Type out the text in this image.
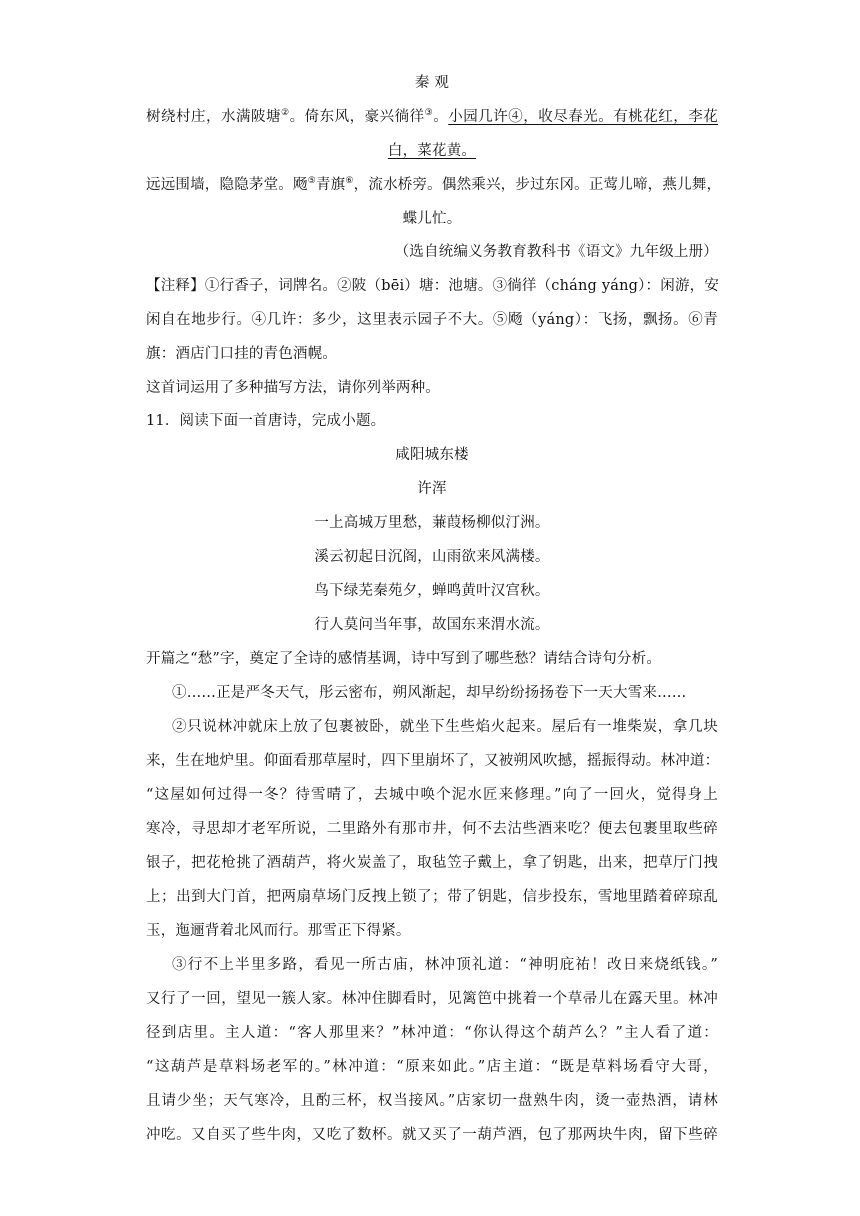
秦 观
树绕村庄，水满陂塘②。倚东风，豪兴徜徉③。小园几许④，收尽春光。有桃花红，李花
白，菜花黄。
远远围墙，隐隐茅堂。飏⑤青旗⑥，流水桥旁。偶然乘兴，步过东冈。正莺儿啼，燕儿舞，
蝶儿忙。
（选自统编义务教育教科书《语文》九年级上册）
【注释】①行香子，词牌名。②陂（bēi）塘：池塘。③徜徉（cháng yáng）：闲游，安
闲自在地步行。④几许：多少，这里表示园子不大。⑤飏（yáng）：飞扬，飘扬。⑥青
旗：酒店门口挂的青色酒幌。
这首词运用了多种描写方法，请你列举两种。
11．阅读下面一首唐诗，完成小题。
咸阳城东楼
许浑
一上高城万里愁，蒹葭杨柳似汀洲。
溪云初起日沉阁，山雨欲来风满楼。
鸟下绿芜秦苑夕，蝉鸣黄叶汉宫秋。
行人莫问当年事，故国东来渭水流。
开篇之“愁”字，奠定了全诗的感情基调，诗中写到了哪些愁？请结合诗句分析。
①……正是严冬天气，彤云密布，朔风渐起，却早纷纷扬扬卷下一天大雪来……
②只说林冲就床上放了包裹被卧，就坐下生些焰火起来。屋后有一堆柴炭，拿几块
来，生在地炉里。仰面看那草屋时，四下里崩坏了，又被朔风吹撼，摇振得动。林冲道：
“这屋如何过得一冬？待雪晴了，去城中唤个泥水匠来修理。”向了一回火，觉得身上
寒冷，寻思却才老军所说，二里路外有那市井，何不去沽些酒来吃？便去包裹里取些碎
银子，把花枪挑了酒葫芦，将火炭盖了，取毡笠子戴上，拿了钥匙，出来，把草厅门拽
上；出到大门首，把两扇草场门反拽上锁了；带了钥匙，信步投东，雪地里踏着碎琼乱
玉，迤逦背着北风而行。那雪正下得紧。
③行不上半里多路，看见一所古庙，林冲顶礼道：“神明庇祐！改日来烧纸钱。”
又行了一回，望见一簇人家。林冲住脚看时，见篱笆中挑着一个草帚儿在露天里。林冲
径到店里。主人道：“客人那里来？”林冲道：“你认得这个葫芦么？”主人看了道：
“这葫芦是草料场老军的。”林冲道：“原来如此。”店主道：“既是草料场看守大哥，
且请少坐；天气寒冷，且酌三杯，权当接风。”店家切一盘熟牛肉，烫一壶热酒，请林
冲吃。又自买了些牛肉，又吃了数杯。就又买了一葫芦酒，包了那两块牛肉，留下些碎
